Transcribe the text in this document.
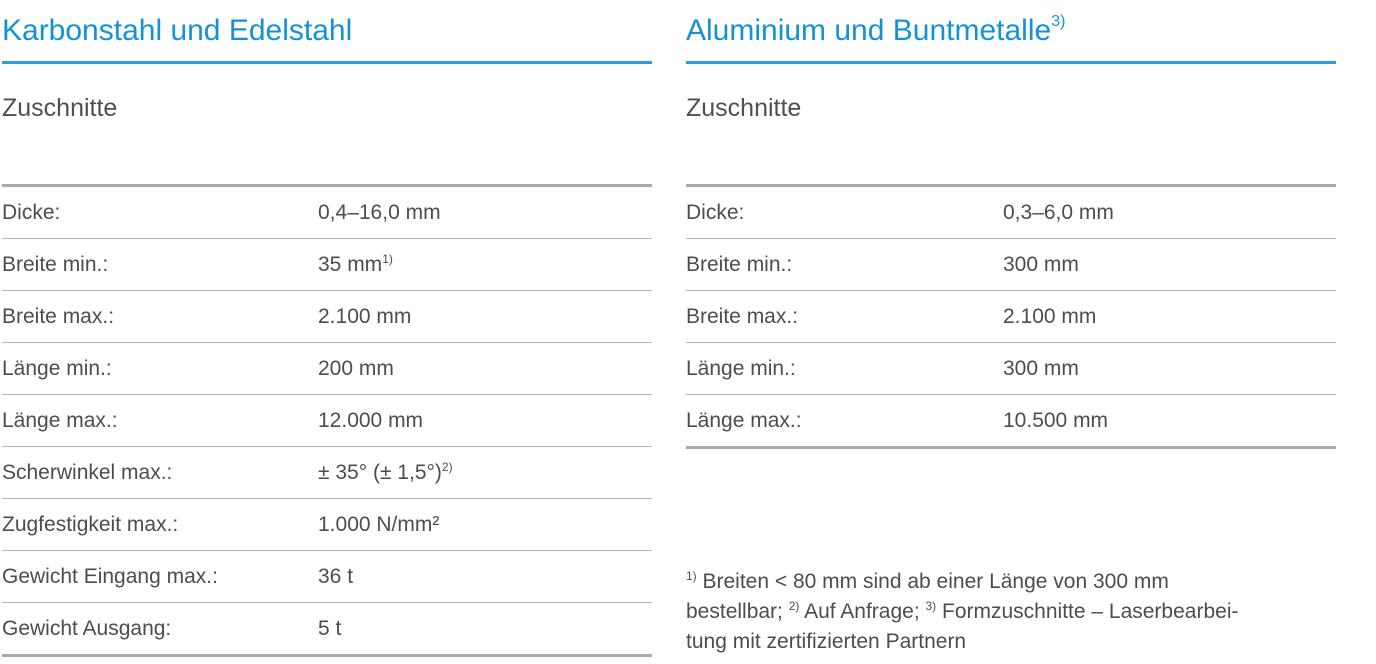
Karbonstahl und Edelstahl
Zuschnitte
Dicke:	0,4–16,0 mm
Breite min.:	35 mm$^{1)}$
Breite max.:	2.100 mm
Länge min.:	200 mm
Länge max.:	12.000 mm
Scherwinkel max.:	± 35° (± 1,5°)$^{2)}$
Zugfestigkeit max.:	1.000 N/mm²
Gewicht Eingang max.:	36 t
Gewicht Ausgang:	5 t
Aluminium und Buntmetalle$^{3)}$
Zuschnitte
Dicke:	0,3–6,0 mm
Breite min.:	300 mm
Breite max.:	2.100 mm
Länge min.:	300 mm
Länge max.:	10.500 mm
$^{1)}$ Breiten < 80 mm sind ab einer Länge von 300 mm
bestellbar; $^{2)}$ Auf Anfrage; $^{3)}$ Formzuschnitte – Laserbearbei-
tung mit zertifizierten Partnern
